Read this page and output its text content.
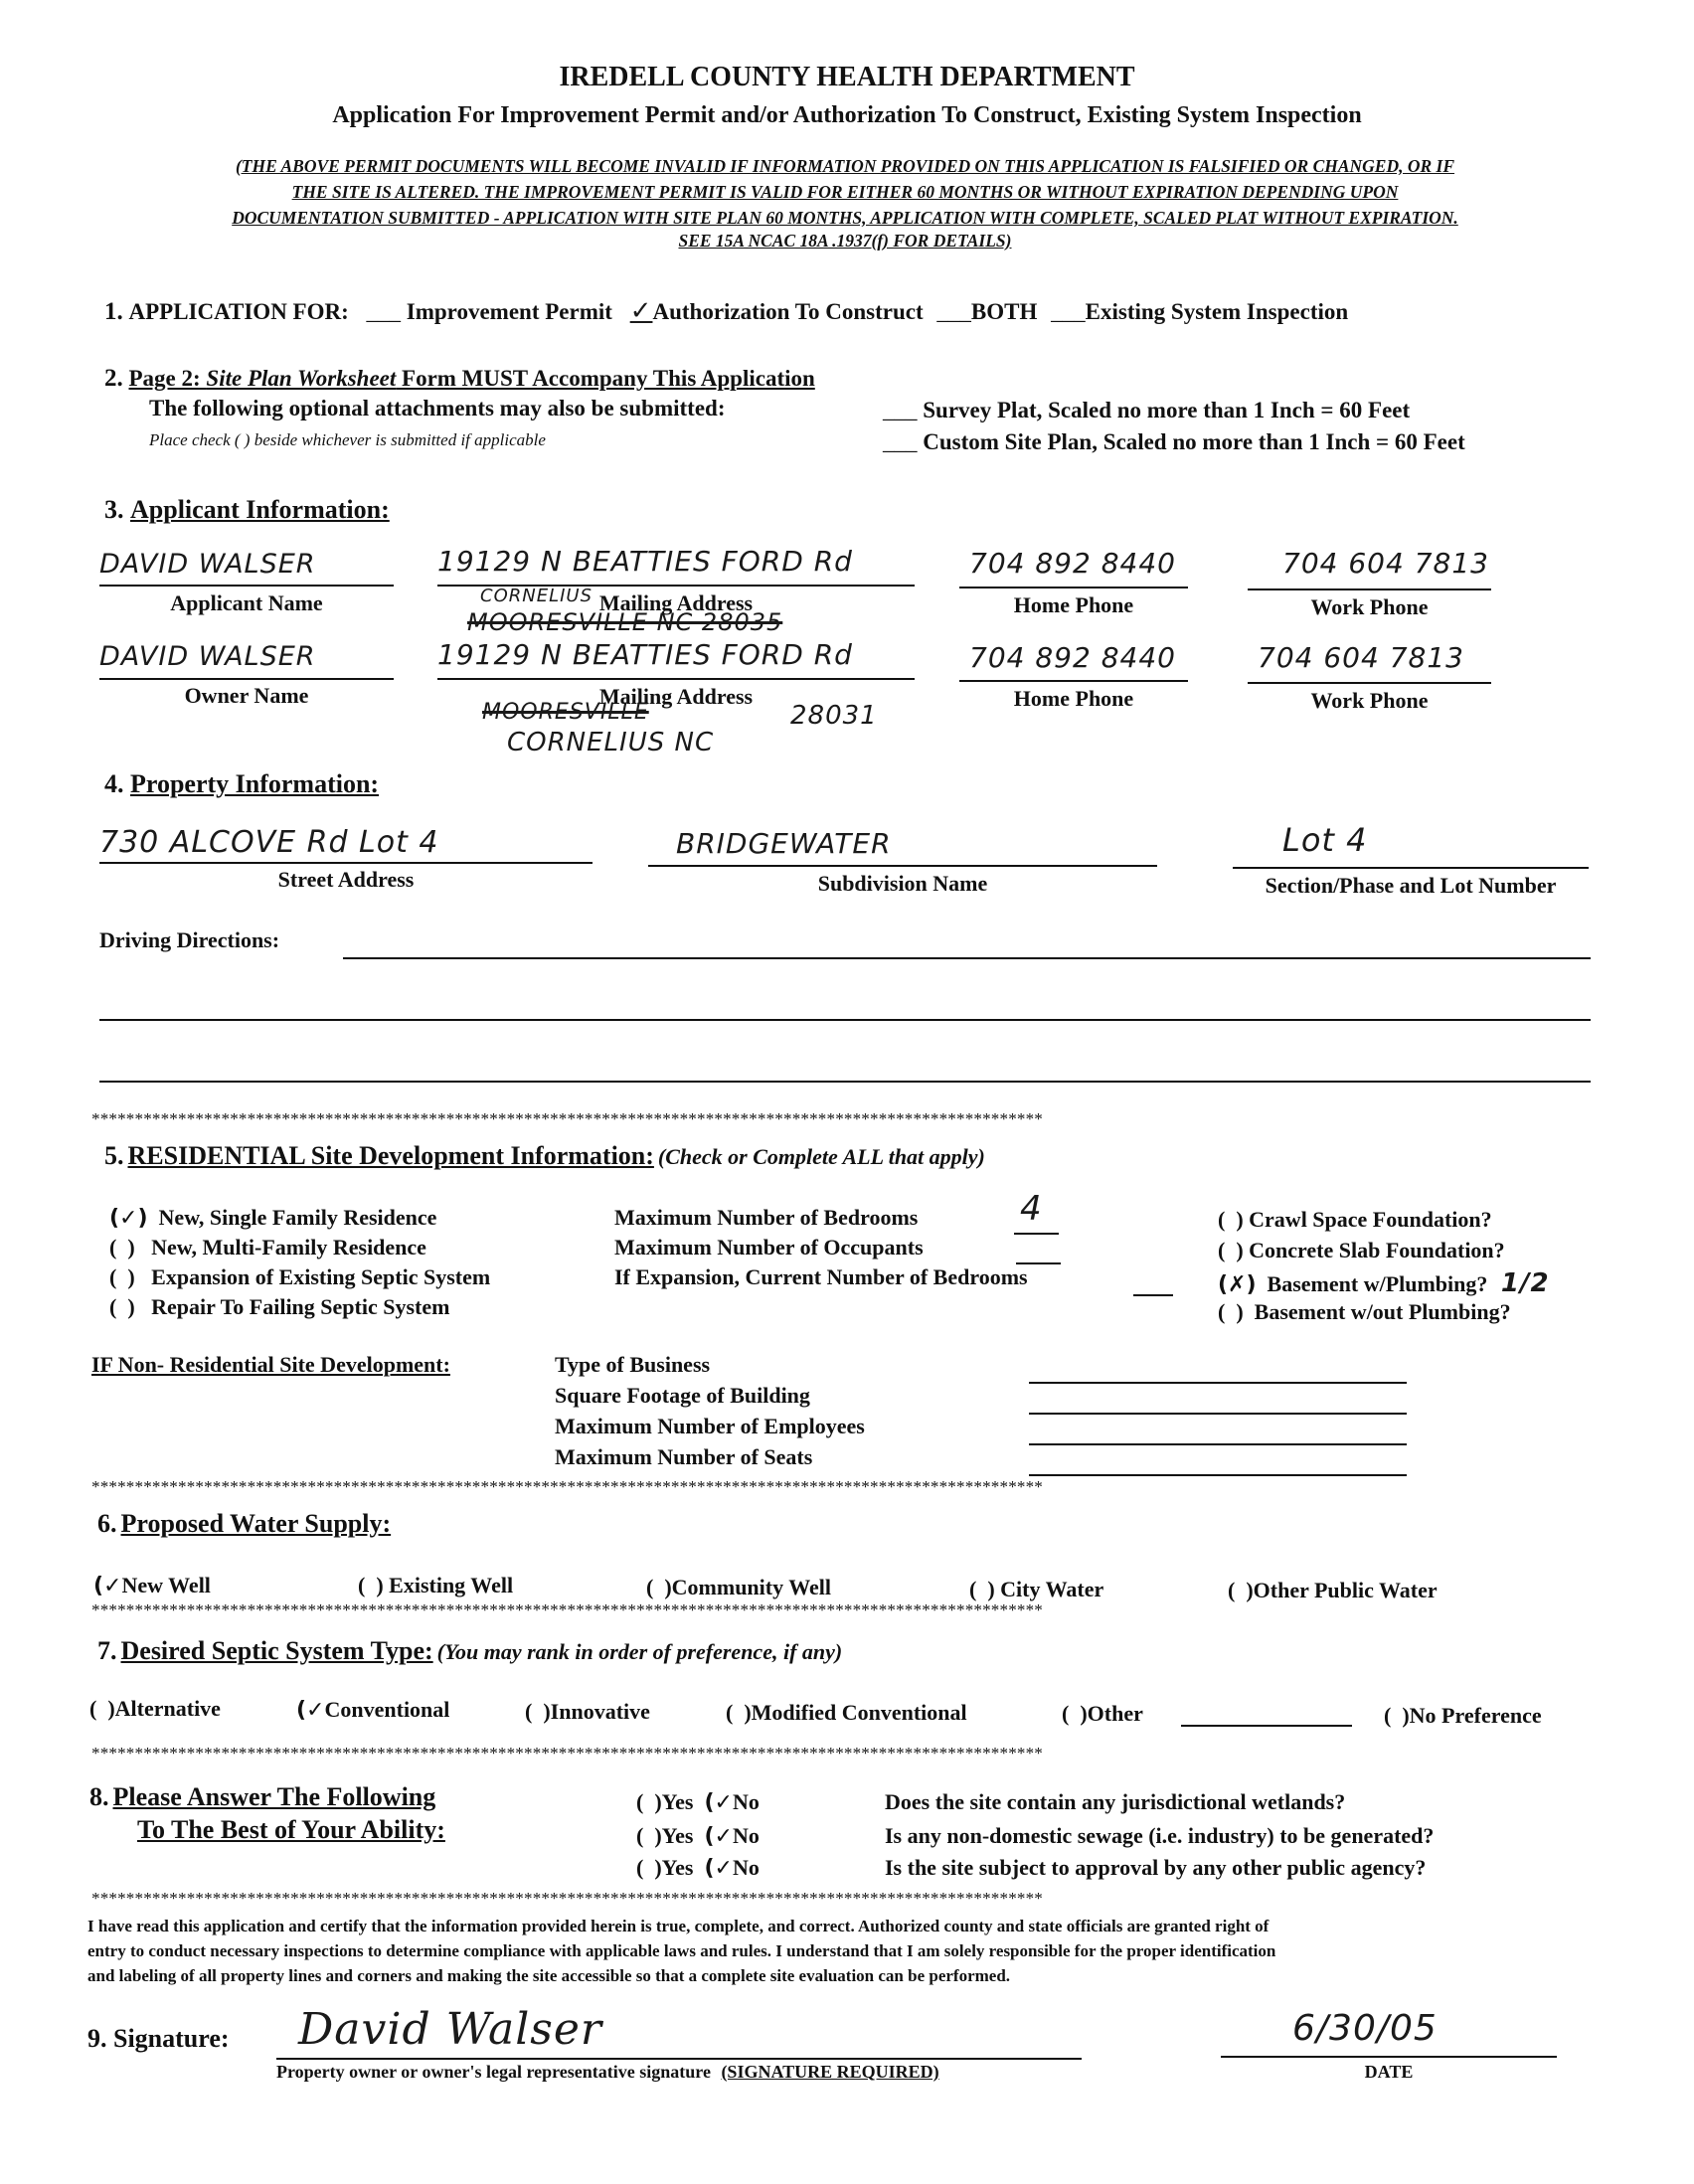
IREDELL COUNTY HEALTH DEPARTMENT
Application For Improvement Permit and/or Authorization To Construct, Existing System Inspection
(THE ABOVE PERMIT DOCUMENTS WILL BECOME INVALID IF INFORMATION PROVIDED ON THIS APPLICATION IS FALSIFIED OR CHANGED, OR IF
THE SITE IS ALTERED. THE IMPROVEMENT PERMIT IS VALID FOR EITHER 60 MONTHS OR WITHOUT EXPIRATION DEPENDING UPON
DOCUMENTATION SUBMITTED - APPLICATION WITH SITE PLAN 60 MONTHS, APPLICATION WITH COMPLETE, SCALED PLAT WITHOUT EXPIRATION.
SEE 15A NCAC 18A .1937(f) FOR DETAILS)
1. APPLICATION FOR: ___ Improvement Permit ✓Authorization To Construct ___BOTH ___Existing System Inspection
2. Page 2: Site Plan Worksheet Form MUST Accompany This Application
The following optional attachments may also be submitted:
Place check ( ) beside whichever is submitted if applicable
___ Survey Plat, Scaled no more than 1 Inch = 60 Feet
___ Custom Site Plan, Scaled no more than 1 Inch = 60 Feet
3. Applicant Information:
DAVID WALSER
Applicant Name
19129 N BEATTIES FORD Rd
MOORESVILLE NC 28035
CORNELIUS Mailing Address
704 892 8440
Home Phone
704 604 7813
Work Phone
DAVID WALSER
Owner Name
19129 N BEATTIES FORD Rd
MOORESVILLE
Mailing Address
CORNELIUS NC
28031
704 892 8440
Home Phone
704 604 7813
Work Phone
4. Property Information:
730 ALCOVE Rd Lot 4
Street Address
BRIDGEWATER
Subdivision Name
Lot 4
Section/Phase and Lot Number
Driving Directions:
**************************************************************************************************************
5. RESIDENTIAL Site Development Information: (Check or Complete ALL that apply)
(✓) New, Single Family Residence
(  ) New, Multi-Family Residence
(  ) Expansion of Existing Septic System
(  ) Repair To Failing Septic System
Maximum Number of Bedrooms	4
Maximum Number of Occupants
If Expansion, Current Number of Bedrooms
(  ) Crawl Space Foundation?
(  ) Concrete Slab Foundation?
(✗) Basement w/Plumbing? 1/2
(  ) Basement w/out Plumbing?
IF Non- Residential Site Development:	Type of Business
Square Footage of Building
Maximum Number of Employees
Maximum Number of Seats
**************************************************************************************************************
6. Proposed Water Supply:
(✓New Well	(  ) Existing Well	(  )Community Well	(  ) City Water	(  )Other Public Water
**************************************************************************************************************
7. Desired Septic System Type: (You may rank in order of preference, if any)
(  )Alternative	(✓Conventional	(  )Innovative	(  )Modified Conventional	(  )Other	(  )No Preference
**************************************************************************************************************
8. Please Answer The Following
To The Best of Your Ability:
(  )Yes (✓No	Does the site contain any jurisdictional wetlands?
(  )Yes (✓No	Is any non-domestic sewage (i.e. industry) to be generated?
(  )Yes (✓No	Is the site subject to approval by any other public agency?
**************************************************************************************************************
I have read this application and certify that the information provided herein is true, complete, and correct. Authorized county and state officials are granted right of
entry to conduct necessary inspections to determine compliance with applicable laws and rules. I understand that I am solely responsible for the proper identification
and labeling of all property lines and corners and making the site accessible so that a complete site evaluation can be performed.
9. Signature: David Walser
Property owner or owner's legal representative signature (SIGNATURE REQUIRED)
6/30/05
DATE
